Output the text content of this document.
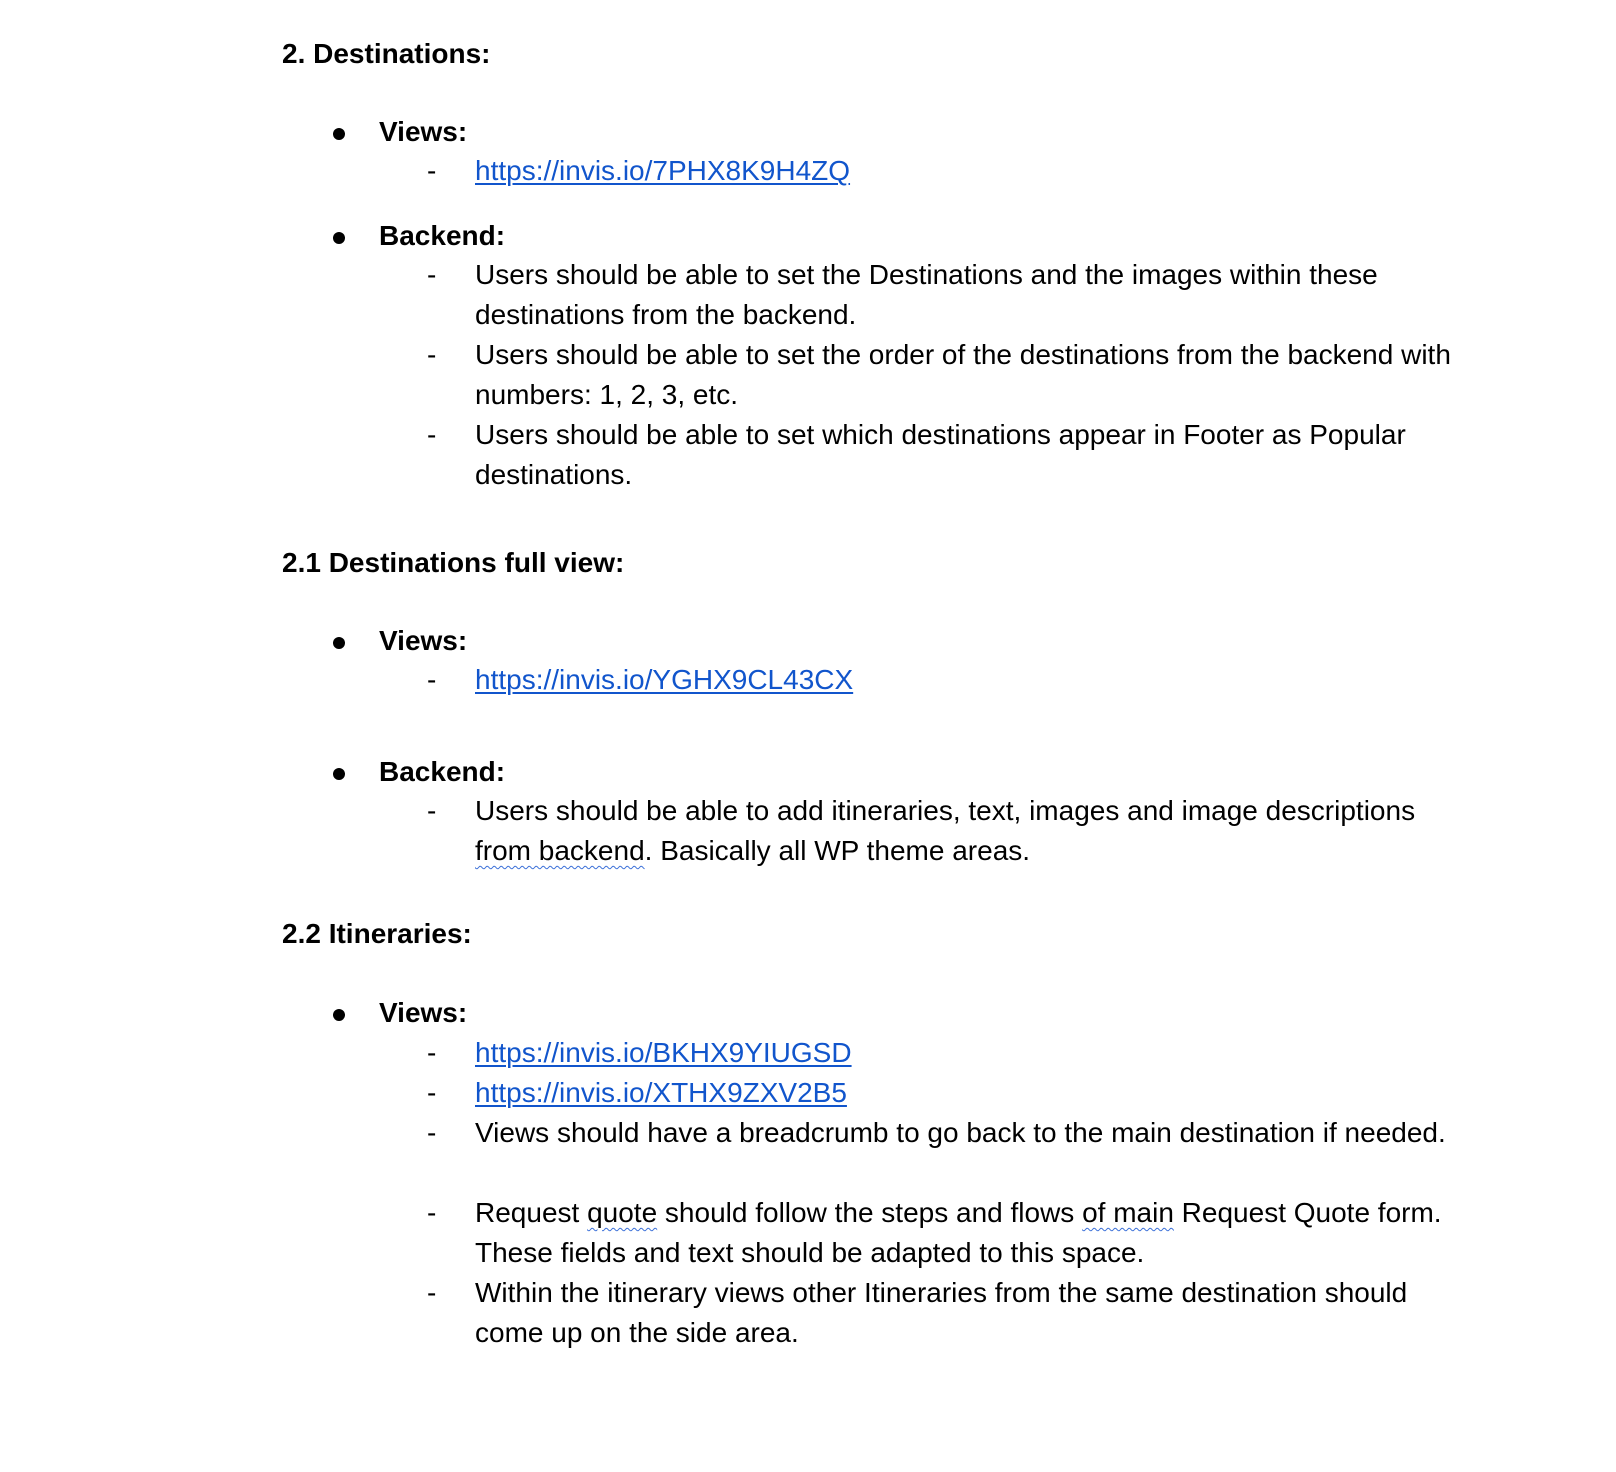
2. Destinations:
Views:
- https://invis.io/7PHX8K9H4ZQ
Backend:
- Users should be able to set the Destinations and the images within these destinations from the backend.
- Users should be able to set the order of the destinations from the backend with numbers: 1, 2, 3, etc.
- Users should be able to set which destinations appear in Footer as Popular destinations.
2.1 Destinations full view:
Views:
- https://invis.io/YGHX9CL43CX
Backend:
- Users should be able to add itineraries, text, images and image descriptions from backend. Basically all WP theme areas.
2.2 Itineraries:
Views:
- https://invis.io/BKHX9YIUGSD
- https://invis.io/XTHX9ZXV2B5
- Views should have a breadcrumb to go back to the main destination if needed.
- Request quote should follow the steps and flows of main Request Quote form. These fields and text should be adapted to this space.
- Within the itinerary views other Itineraries from the same destination should come up on the side area.
